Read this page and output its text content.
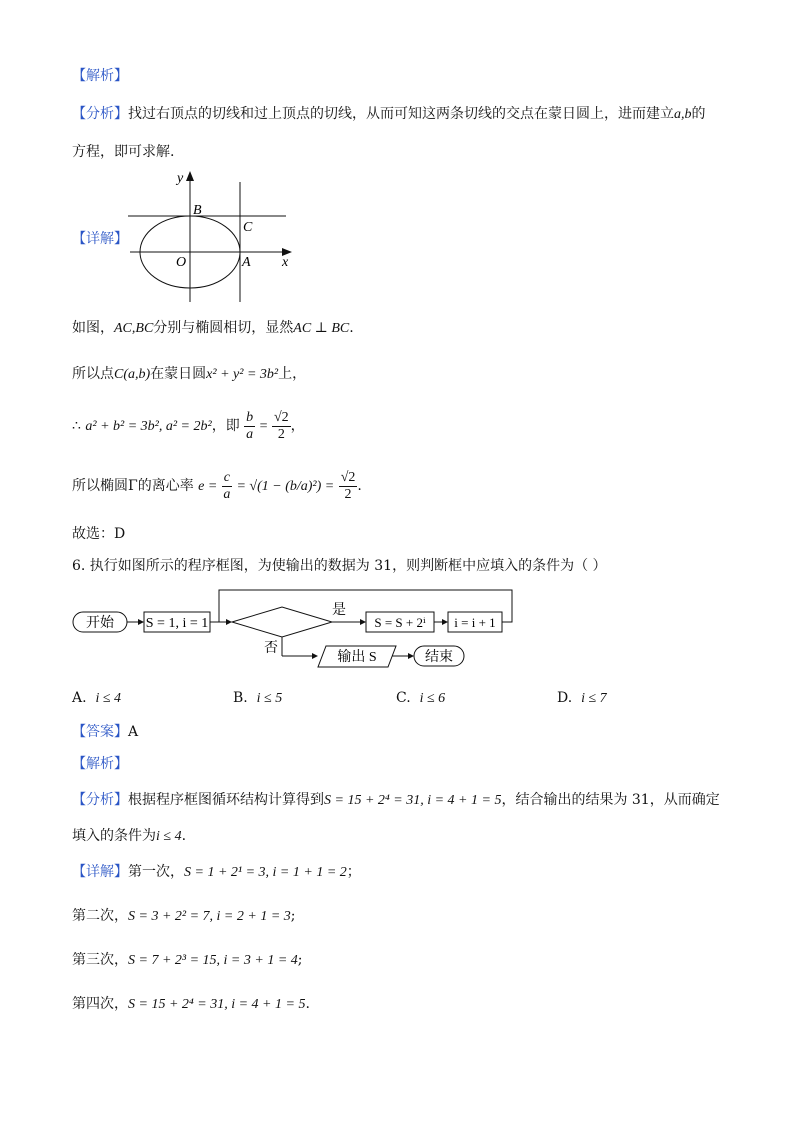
【解析】
【分析】找过右顶点的切线和过上顶点的切线，从而可知这两条切线的交点在蒙日圆上，进而建立a,b的
方程，即可求解.
【详解】
y
x
B
C
O	A
如图，AC,BC分别与椭圆相切，显然AC ⊥ BC.
所以点C(a,b)在蒙日圆x² + y² = 3b²上，
∴ a² + b² = 3b², a² = 2b²，即 $\frac{b}{a} = \frac{√2}{2}$ ，
所以椭圆Γ的离心率 $e = \frac{c}{a} = √(1 - (b/a)^2) = \frac{√2}{2}$ .
故选：D
6. 执行如图所示的程序框图，为使输出的数据为 31，则判断框中应填入的条件为（ ）
开始 S = 1, i = 1
是
S = S + 2ⁱ i = i + 1
否
输出 S	结束
A. i ≤ 4	B. i ≤ 5	C. i ≤ 6	D. i ≤ 7
【答案】A
【解析】
【分析】根据程序框图循环结构计算得到S = 15 + 2⁴ = 31, i = 4 + 1 = 5，结合输出的结果为 31，从而确定
填入的条件为i ≤ 4.
【详解】第一次，S = 1 + 2¹ = 3, i = 1 + 1 = 2；
第二次，S = 3 + 2² = 7, i = 2 + 1 = 3;
第三次，S = 7 + 2³ = 15, i = 3 + 1 = 4;
第四次，S = 15 + 2⁴ = 31, i = 4 + 1 = 5.
